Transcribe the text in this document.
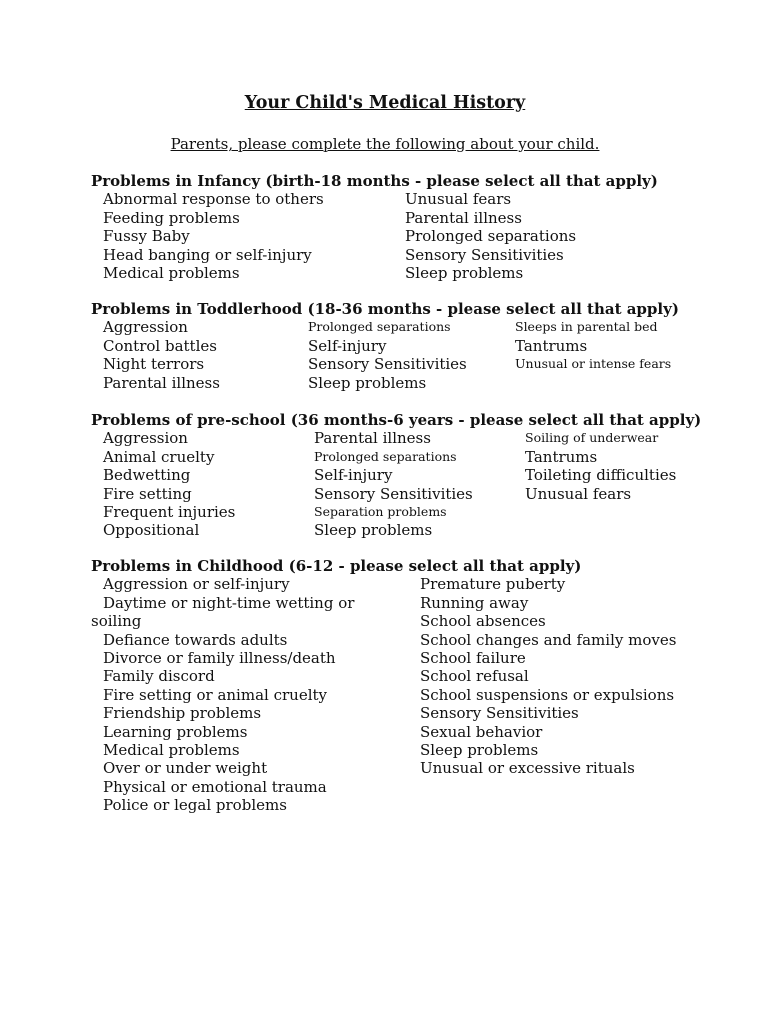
Your Child's Medical History
Parents, please complete the following about your child.
Problems in Infancy (birth-18 months - please select all that apply)
Abnormal response to others
Feeding problems
Fussy Baby
Head banging or self-injury
Medical problems
Unusual fears
Parental illness
Prolonged separations
Sensory Sensitivities
Sleep problems
Problems in Toddlerhood (18-36 months - please select all that apply)
Aggression
Control battles
Night terrors
Parental illness
Prolonged separations
Self-injury
Sensory Sensitivities
Sleep problems
Sleeps in parental bed
Tantrums
Unusual or intense fears
Problems of pre-school (36 months-6 years - please select all that apply)
Aggression
Animal cruelty
Bedwetting
Fire setting
Frequent injuries
Oppositional
Parental illness
Prolonged separations
Self-injury
Sensory Sensitivities
Separation problems
Sleep problems
Soiling of underwear
Tantrums
Toileting difficulties
Unusual fears
Problems in Childhood (6-12 - please select all that apply)
Aggression or self-injury
Daytime or night-time wetting or
soiling
Defiance towards adults
Divorce or family illness/death
Family discord
Fire setting or animal cruelty
Friendship problems
Learning problems
Medical problems
Over or under weight
Physical or emotional trauma
Police or legal problems
Premature puberty
Running away
School absences
School changes and family moves
School failure
School refusal
School suspensions or expulsions
Sensory Sensitivities
Sexual behavior
Sleep problems
Unusual or excessive rituals
